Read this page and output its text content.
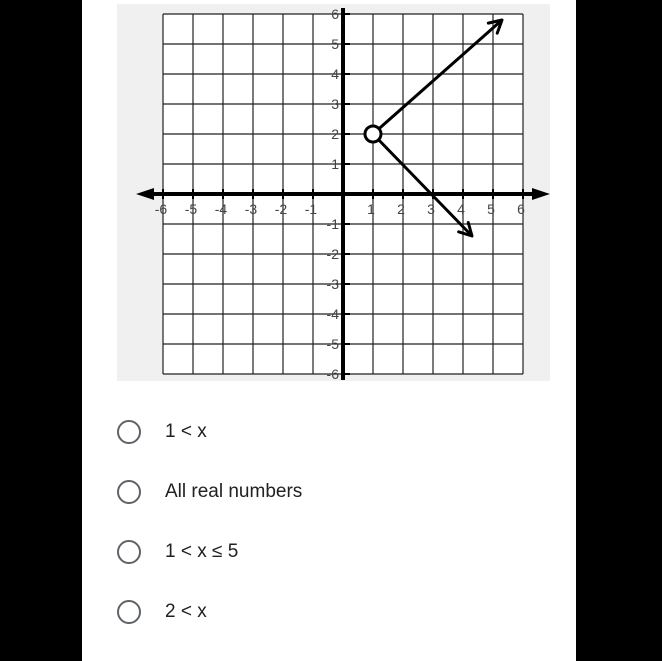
-6 -5 -4 -3 -2 -1	1 2 3 4 5 6
6
5
4
3
2
1
-1
-2
-3
-4
-5
-6
1 < x
All real numbers
1 < x ≤ 5
2 < x
